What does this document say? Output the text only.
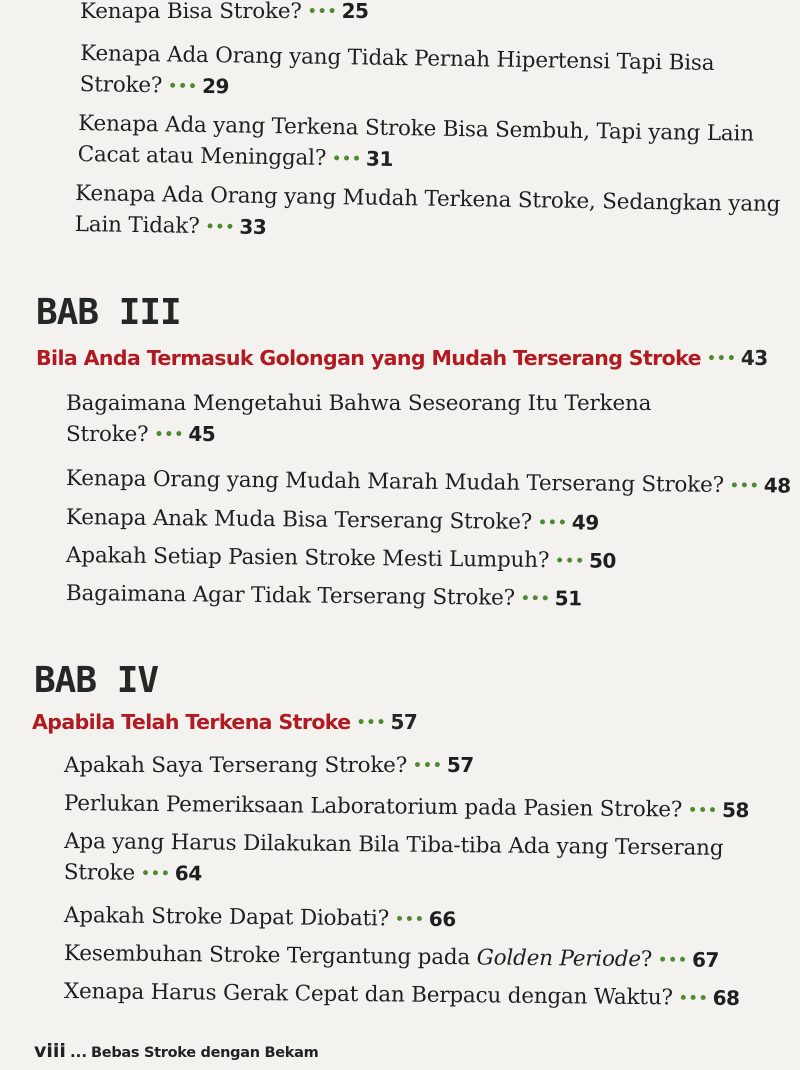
Kenapa Bisa Stroke? ••• 25
Kenapa Ada Orang yang Tidak Pernah Hipertensi Tapi Bisa
Stroke? ••• 29
Kenapa Ada yang Terkena Stroke Bisa Sembuh, Tapi yang Lain
Cacat atau Meninggal? ••• 31
Kenapa Ada Orang yang Mudah Terkena Stroke, Sedangkan yang
Lain Tidak? ••• 33
BAB III
Bila Anda Termasuk Golongan yang Mudah Terserang Stroke ••• 43
Bagaimana Mengetahui Bahwa Seseorang Itu Terkena
Stroke? ••• 45
Kenapa Orang yang Mudah Marah Mudah Terserang Stroke? ••• 48
Kenapa Anak Muda Bisa Terserang Stroke? ••• 49
Apakah Setiap Pasien Stroke Mesti Lumpuh? ••• 50
Bagaimana Agar Tidak Terserang Stroke? ••• 51
BAB IV
Apabila Telah Terkena Stroke ••• 57
Apakah Saya Terserang Stroke? ••• 57
Perlukan Pemeriksaan Laboratorium pada Pasien Stroke? ••• 58
Apa yang Harus Dilakukan Bila Tiba-tiba Ada yang Terserang
Stroke ••• 64
Apakah Stroke Dapat Diobati? ••• 66
Kesembuhan Stroke Tergantung pada Golden Periode? ••• 67
Xenapa Harus Gerak Cepat dan Berpacu dengan Waktu? ••• 68
viii ... Bebas Stroke dengan Bekam
